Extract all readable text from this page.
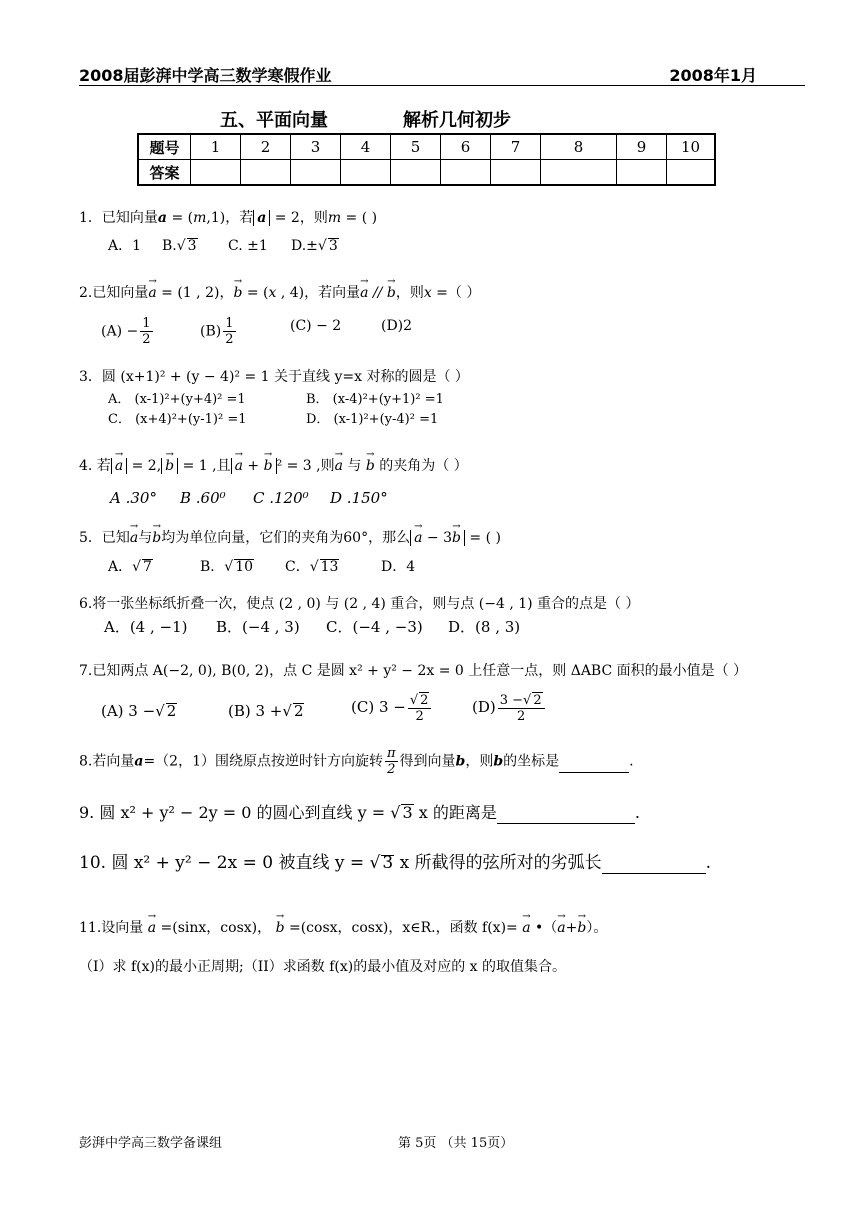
2008届彭湃中学高三数学寒假作业	2008年1月
五、平面向量	解析几何初步
题号	1	2	3	4	5	6	7	8	9	10
答案										
1．已知向量a = (m,1)，若 a = 2，则m = ( )
A．1 B.√ 3 C. ±1 D.±√ 3
2.已知向量→ a = (1 , 2)，→ b = (x , 4)，若向量→ a // → b，则x =（ ）
$(A) - \frac{1}{2}$	$(B) \frac{1}{2}$	(C) − 2	(D)2
3．圆 (x+1)² + (y − 4)² = 1 关于直线 y=x 对称的圆是（ ）
A． (x-1)²+(y+4)² =1	B． (x-4)²+(y+1)² =1
C． (x+4)²+(y-1)² =1	D． (x-1)²+(y-4)² =1
4. 若 → a = 2, → b = 1 ,且 → a + → b ² = 3 ,则→ a 与 → b 的夹角为（ ）
A .30° B .60⁰ C .120⁰ D .150°
5．已知→ a与→ b均为单位向量，它们的夹角为60°，那么 → a − 3→ b = ( )
A．√ 7	B．√ 10 C．√ 13	D．4
6.将一张坐标纸折叠一次，使点 (2 , 0) 与 (2 , 4) 重合，则与点 (−4 , 1) 重合的点是（ ）
A．(4 , −1) B．(−4 , 3) C．(−4 , −3) D．(8 , 3)
7.已知两点 A(−2, 0), B(0, 2)，点 C 是圆 x² + y² − 2x = 0 上任意一点，则 ΔABC 面积的最小值是（ ）
(A) 3 −√ 2	(B) 3 +√ 2	(C) $3 - \frac{√ 2}{2}$	$(D) \frac{3 -√ 2}{2}$
8.若向量a=（2，1）围绕原点按逆时针方向旋转 $\frac{\pi}{2}$ 得到向量b，则b的坐标是	.
9. 圆 x² + y² − 2y = 0 的圆心到直线 y = √ 3 x 的距离是	.
10. 圆 x² + y² − 2x = 0 被直线 y = √ 3 x 所截得的弦所对的劣弧长	.
11.设向量 → a =(sinx，cosx)， → b =(cosx，cosx)，x∈R.，函数 f(x)= → a •（→ a+→ b）。
（I）求 f(x)的最小正周期;（II）求函数 f(x)的最小值及对应的 x 的取值集合。
彭湃中学高三数学备课组	第 5页 （共 15页）
